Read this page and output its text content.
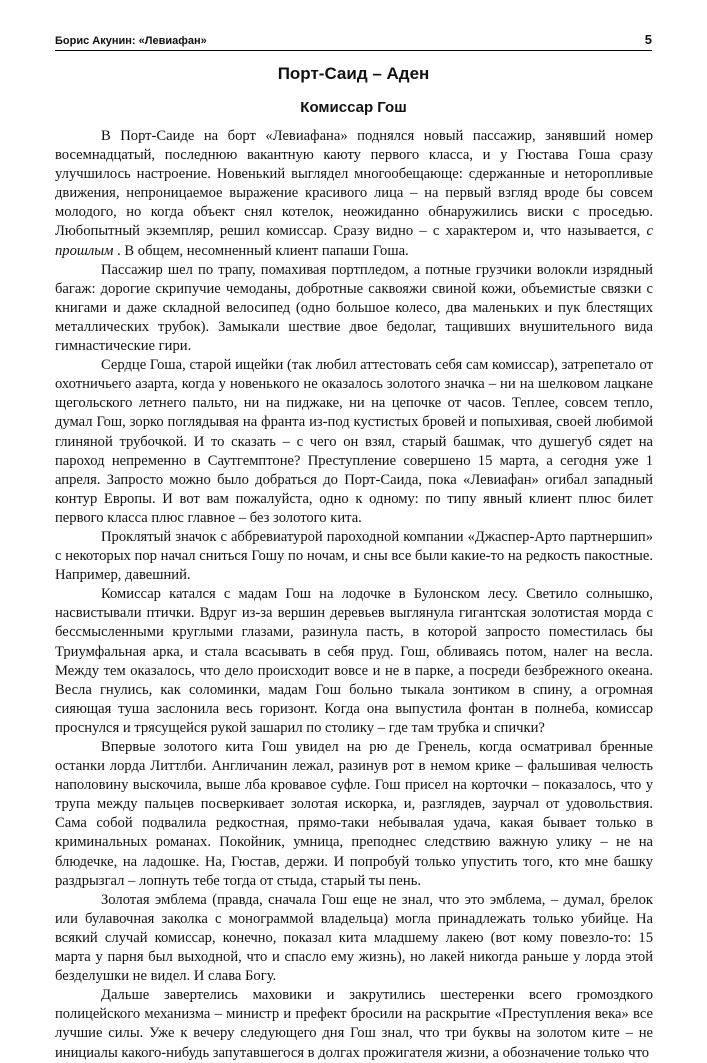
Борис Акунин: «Левиафан»	5
Порт-Саид – Аден
Комиссар Гош

В Порт-Саиде на борт «Левиафана» поднялся новый пассажир, занявший номер восемнадцатый, последнюю вакантную каюту первого класса, и у Гюстава Гоша сразу улучшилось настроение. Новенький выглядел многообещающе: сдержанные и неторопливые движения, непроницаемое выражение красивого лица – на первый взгляд вроде бы совсем молодого, но когда объект снял котелок, неожиданно обнаружились виски с проседью. Любопытный экземпляр, решил комиссар. Сразу видно – с характером и, что называется, с прошлым . В общем, несомненный клиент папаши Гоша.

Пассажир шел по трапу, помахивая портпледом, а потные грузчики волокли изрядный багаж: дорогие скрипучие чемоданы, добротные саквояжи свиной кожи, объемистые связки с книгами и даже складной велосипед (одно большое колесо, два маленьких и пук блестящих металлических трубок). Замыкали шествие двое бедолаг, тащивших внушительного вида гимнастические гири.

Сердце Гоша, старой ищейки (так любил аттестовать себя сам комиссар), затрепетало от охотничьего азарта, когда у новенького не оказалось золотого значка – ни на шелковом лацкане щегольского летнего пальто, ни на пиджаке, ни на цепочке от часов. Теплее, совсем тепло, думал Гош, зорко поглядывая на франта из-под кустистых бровей и попыхивая, своей любимой глиняной трубочкой. И то сказать – с чего он взял, старый башмак, что душегуб сядет на пароход непременно в Саутгемптоне? Преступление совершено 15 марта, а сегодня уже 1 апреля. Запросто можно было добраться до Порт-Саида, пока «Левиафан» огибал западный контур Европы. И вот вам пожалуйста, одно к одному: по типу явный клиент плюс билет первого класса плюс главное – без золотого кита.

Проклятый значок с аббревиатурой пароходной компании «Джаспер-Арто партнершип» с некоторых пор начал сниться Гошу по ночам, и сны все были какие-то на редкость пакостные. Например, давешний.

Комиссар катался с мадам Гош на лодочке в Булонском лесу. Светило солнышко, насвистывали птички. Вдруг из-за вершин деревьев выглянула гигантская золотистая морда с бессмысленными круглыми глазами, разинула пасть, в которой запросто поместилась бы Триумфальная арка, и стала всасывать в себя пруд. Гош, обливаясь потом, налег на весла. Между тем оказалось, что дело происходит вовсе и не в парке, а посреди безбрежного океана. Весла гнулись, как соломинки, мадам Гош больно тыкала зонтиком в спину, а огромная сияющая туша заслонила весь горизонт. Когда она выпустила фонтан в полнеба, комиссар проснулся и трясущейся рукой зашарил по столику – где там трубка и спички?

Впервые золотого кита Гош увидел на рю де Гренель, когда осматривал бренные останки лорда Литтлби. Англичанин лежал, разинув рот в немом крике – фальшивая челюсть наполовину выскочила, выше лба кровавое суфле. Гош присел на корточки – показалось, что у трупа между пальцев посверкивает золотая искорка, и, разглядев, заурчал от удовольствия. Сама собой подвалила редкостная, прямо-таки небывалая удача, какая бывает только в криминальных романах. Покойник, умница, преподнес следствию важную улику – не на блюдечке, на ладошке. На, Гюстав, держи. И попробуй только упустить того, кто мне башку раздрызгал – лопнуть тебе тогда от стыда, старый ты пень.

Золотая эмблема (правда, сначала Гош еще не знал, что это эмблема, – думал, брелок или булавочная заколка с монограммой владельца) могла принадлежать только убийце. На всякий случай комиссар, конечно, показал кита младшему лакею (вот кому повезло-то: 15 марта у парня был выходной, что и спасло ему жизнь), но лакей никогда раньше у лорда этой безделушки не видел. И слава Богу.

Дальше завертелись маховики и закрутились шестеренки всего громоздкого полицейского механизма – министр и префект бросили на раскрытие «Преступления века» все лучшие силы. Уже к вечеру следующего дня Гош знал, что три буквы на золотом ките – не инициалы какого-нибудь запутавшегося в долгах прожигателя жизни, а обозначение только что
